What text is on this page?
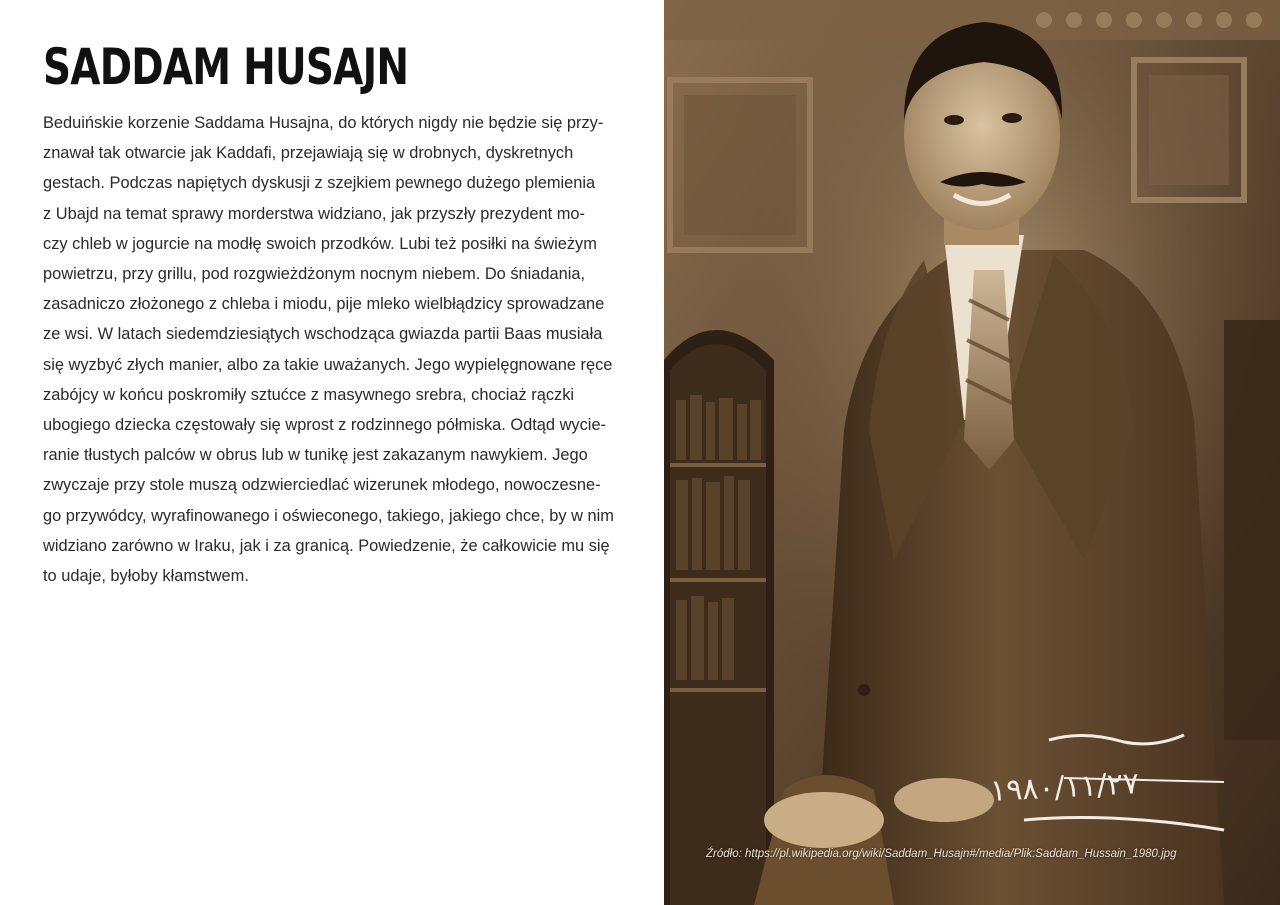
SADDAM HUSAJN
Beduińskie korzenie Saddama Husajna, do których nigdy nie będzie się przy-
znawał tak otwarcie jak Kaddafi, przejawiają się w drobnych, dyskretnych
gestach. Podczas napiętych dyskusji z szejkiem pewnego dużego plemienia
z Ubajd na temat sprawy morderstwa widziano, jak przyszły prezydent mo-
czy chleb w jogurcie na modłę swoich przodków. Lubi też posiłki na świeżym
powietrzu, przy grillu, pod rozgwieżdżonym nocnym niebem. Do śniadania,
zasadniczo złożonego z chleba i miodu, pije mleko wielbłądzicy sprowadzane
ze wsi. W latach siedemdziesiątych wschodząca gwiazda partii Baas musiała
się wyzbyć złych manier, albo za takie uważanych. Jego wypielęgnowane ręce
zabójcy w końcu poskromiły sztućce z masywnego srebra, chociaż rączki
ubogiego dziecka częstowały się wprost z rodzinnego półmiska. Odtąd wycie-
ranie tłustych palców w obrus lub w tunikę jest zakazanym nawykiem. Jego
zwyczaje przy stole muszą odzwierciedlać wizerunek młodego, nowoczesne-
go przywódcy, wyrafinowanego i oświeconego, takiego, jakiego chce, by w nim
widziano zarówno w Iraku, jak i za granicą. Powiedzenie, że całkowicie mu się
to udaje, byłoby kłamstwem.
١٩٨٠/١١/٢٧
Źródło: https://pl.wikipedia.org/wiki/Saddam_Husajn#/media/Plik:Saddam_Hussain_1980.jpg
